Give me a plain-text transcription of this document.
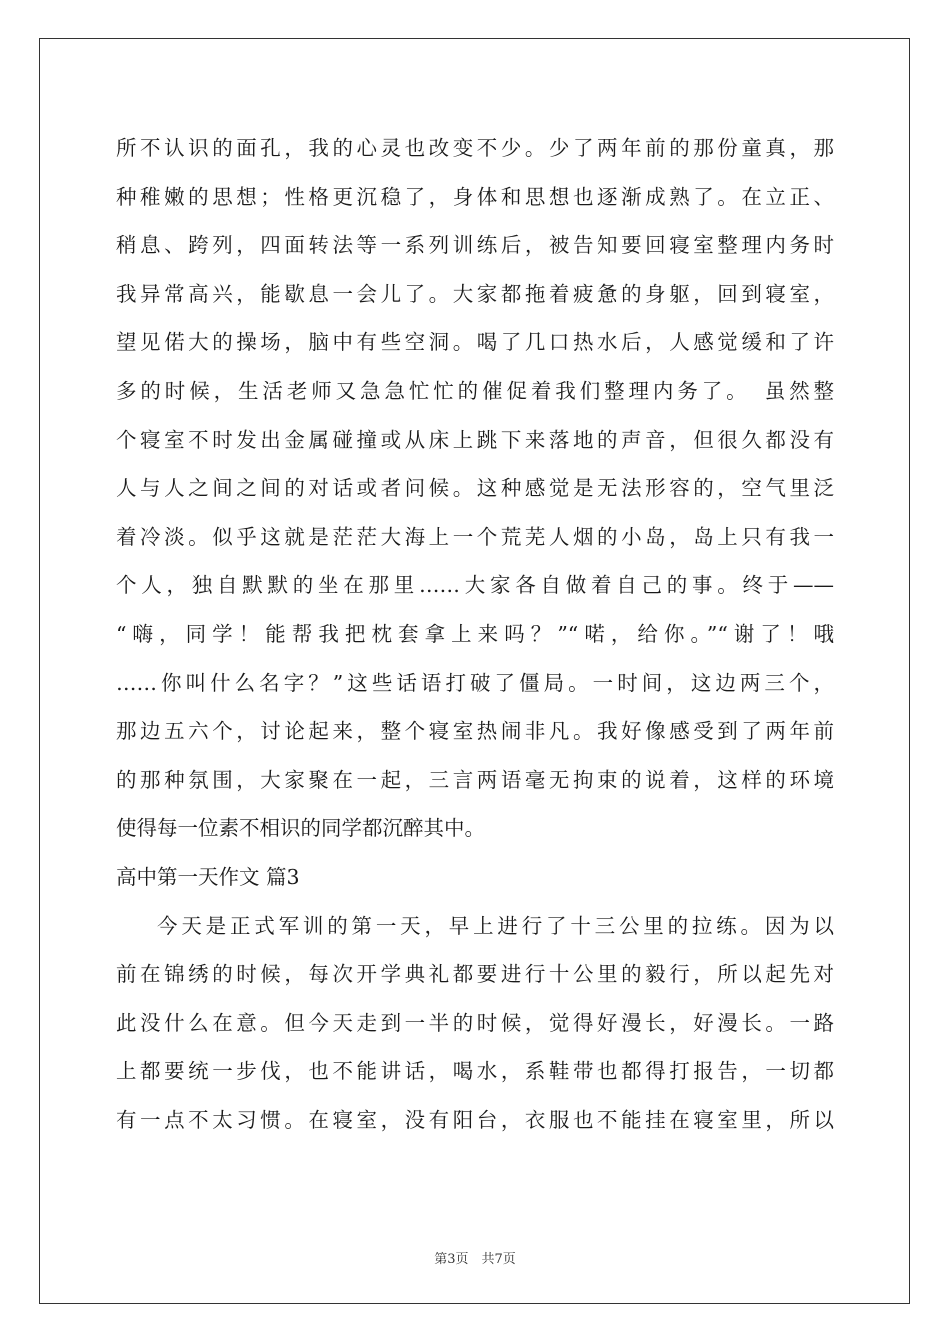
所不认识的面孔，我的心灵也改变不少。少了两年前的那份童真，那
种稚嫩的思想；性格更沉稳了，身体和思想也逐渐成熟了。在立正、
稍息、跨列，四面转法等一系列训练后，被告知要回寝室整理内务时
我异常高兴，能歇息一会儿了。大家都拖着疲惫的身躯，回到寝室，
望见偌大的操场，脑中有些空洞。喝了几口热水后，人感觉缓和了许
多的时候，生活老师又急急忙忙的催促着我们整理内务了。　虽然整
个寝室不时发出金属碰撞或从床上跳下来落地的声音，但很久都没有
人与人之间之间的对话或者问候。这种感觉是无法形容的，空气里泛
着冷淡。似乎这就是茫茫大海上一个荒芜人烟的小岛，岛上只有我一
个人，独自默默的坐在那里……大家各自做着自己的事。终于——
“嗨，同学！能帮我把枕套拿上来吗？”“喏，给你。”“谢了！哦
……你叫什么名字？”这些话语打破了僵局。一时间，这边两三个，
那边五六个，讨论起来，整个寝室热闹非凡。我好像感受到了两年前
的那种氛围，大家聚在一起，三言两语毫无拘束的说着，这样的环境
使得每一位素不相识的同学都沉醉其中。
高中第一天作文 篇3
今天是正式军训的第一天，早上进行了十三公里的拉练。因为以
前在锦绣的时候，每次开学典礼都要进行十公里的毅行，所以起先对
此没什么在意。但今天走到一半的时候，觉得好漫长，好漫长。一路
上都要统一步伐，也不能讲话，喝水，系鞋带也都得打报告，一切都
有一点不太习惯。在寝室，没有阳台，衣服也不能挂在寝室里，所以
第3页　共7页
